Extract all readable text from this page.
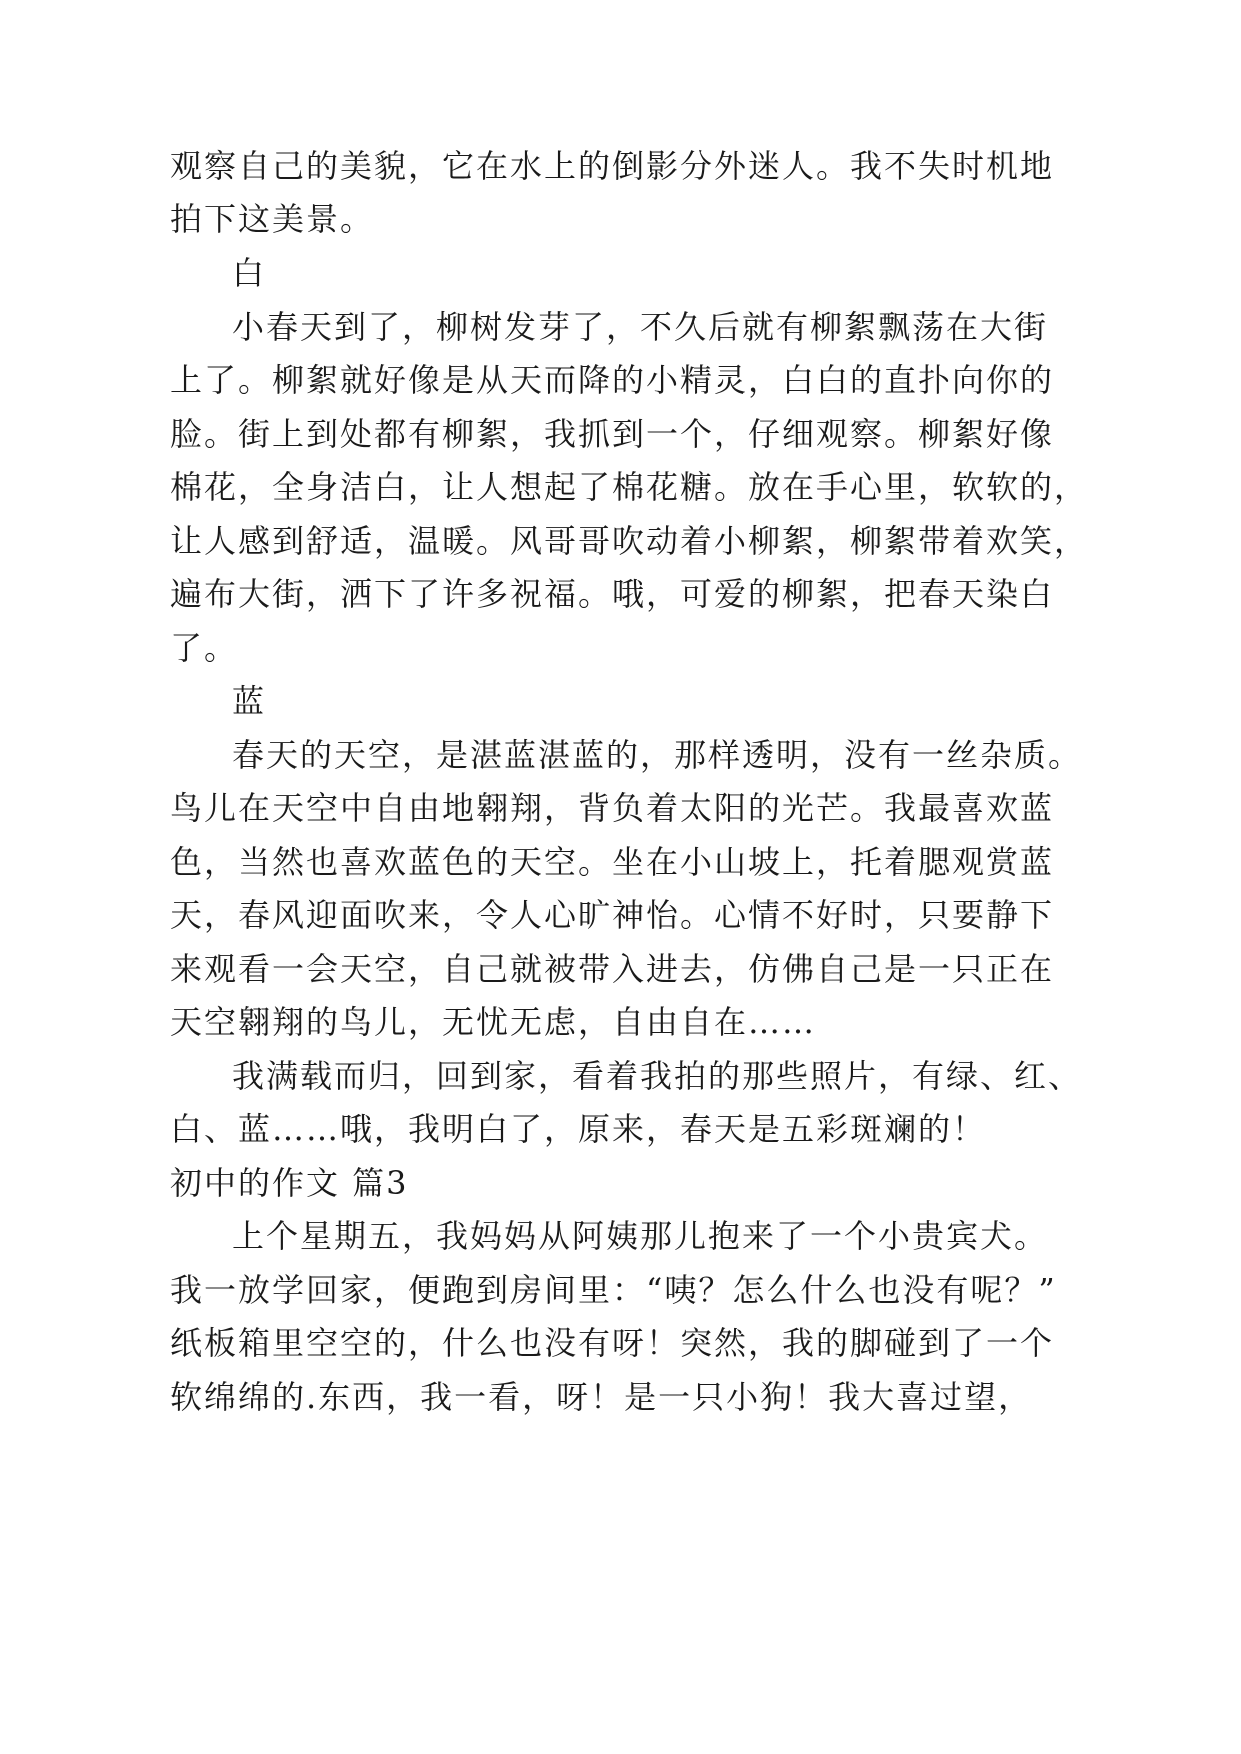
观察自己的美貌，它在水上的倒影分外迷人。我不失时机地
拍下这美景。
白
小春天到了，柳树发芽了，不久后就有柳絮飘荡在大街
上了。柳絮就好像是从天而降的小精灵，白白的直扑向你的
脸。街上到处都有柳絮，我抓到一个，仔细观察。柳絮好像
棉花，全身洁白，让人想起了棉花糖。放在手心里，软软的，
让人感到舒适，温暖。风哥哥吹动着小柳絮，柳絮带着欢笑，
遍布大街，洒下了许多祝福。哦，可爱的柳絮，把春天染白
了。
蓝
春天的天空，是湛蓝湛蓝的，那样透明，没有一丝杂质。
鸟儿在天空中自由地翱翔，背负着太阳的光芒。我最喜欢蓝
色，当然也喜欢蓝色的天空。坐在小山坡上，托着腮观赏蓝
天，春风迎面吹来，令人心旷神怡。心情不好时，只要静下
来观看一会天空，自己就被带入进去，仿佛自己是一只正在
天空翱翔的鸟儿，无忧无虑，自由自在……
我满载而归，回到家，看着我拍的那些照片，有绿、红、
白、蓝……哦，我明白了，原来，春天是五彩斑斓的！
初中的作文 篇3
上个星期五，我妈妈从阿姨那儿抱来了一个小贵宾犬。
我一放学回家，便跑到房间里：“咦？怎么什么也没有呢？”
纸板箱里空空的，什么也没有呀！突然，我的脚碰到了一个
软绵绵的.东西，我一看，呀！是一只小狗！我大喜过望，
